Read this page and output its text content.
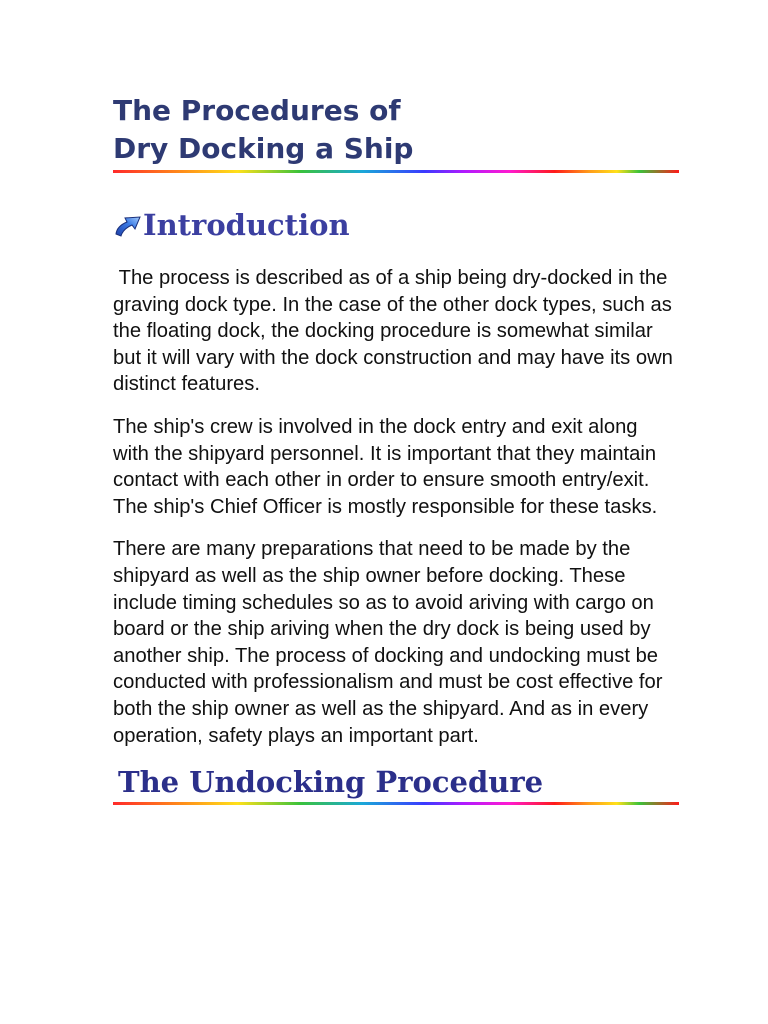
The Procedures of
Dry Docking a Ship
Introduction

The process is described as of a ship being dry-docked in the graving dock type. In the case of the other dock types, such as the floating dock, the docking procedure is somewhat similar but it will vary with the dock construction and may have its own distinct features.

The ship's crew is involved in the dock entry and exit along with the shipyard personnel. It is important that they maintain contact with each other in order to ensure smooth entry/exit. The ship's Chief Officer is mostly responsible for these tasks.

There are many preparations that need to be made by the shipyard as well as the ship owner before docking. These include timing schedules so as to avoid ariving with cargo on board or the ship ariving when the dry dock is being used by another ship. The process of docking and undocking must be conducted with professionalism and must be cost effective for both the ship owner as well as the shipyard. And as in every operation, safety plays an important part.

The Undocking Procedure
